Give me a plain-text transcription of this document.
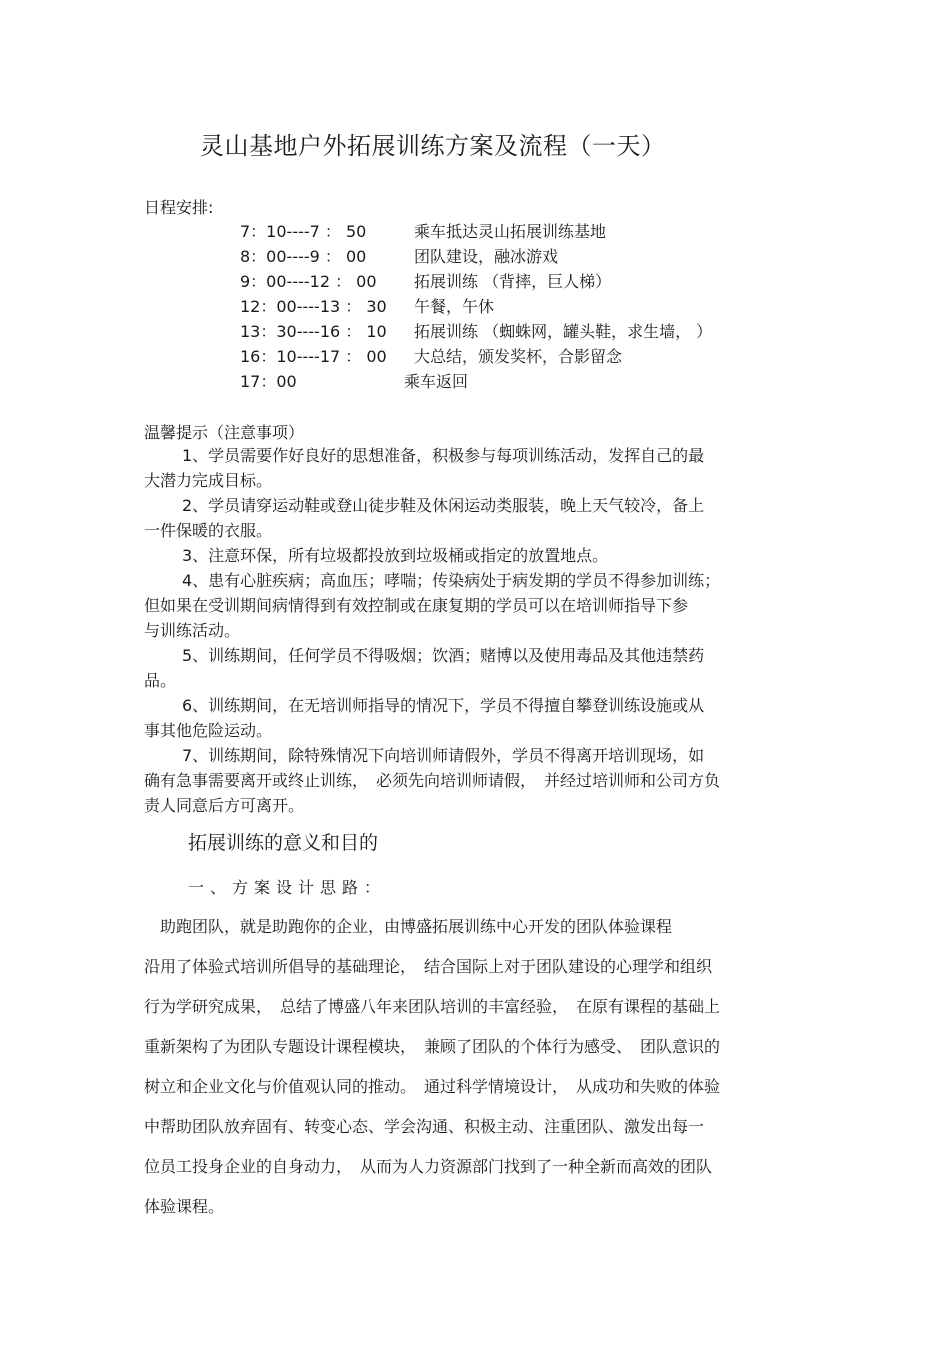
灵山基地户外拓展训练方案及流程（一天）
日程安排:
7：10----7 ： 50	乘车抵达灵山拓展训练基地
8：00----9 ： 00	团队建设，融冰游戏
9：00----12 ： 00 拓展训练 （背摔，巨人梯）
12：00----13 ： 30 午餐，午休
13：30----16 ： 10 拓展训练 （蜘蛛网，罐头鞋，求生墙， ）
16：10----17 ： 00 大总结，颁发奖杯，合影留念
17：00	乘车返回
温馨提示（注意事项）
1、学员需要作好良好的思想准备，积极参与每项训练活动，发挥自己的最
大潜力完成目标。
2、学员请穿运动鞋或登山徒步鞋及休闲运动类服装，晚上天气较冷，备上
一件保暖的衣服。
3、注意环保，所有垃圾都投放到垃圾桶或指定的放置地点。
4、患有心脏疾病；高血压；哮喘；传染病处于病发期的学员不得参加训练；
但如果在受训期间病情得到有效控制或在康复期的学员可以在培训师指导下参
与训练活动。
5、训练期间，任何学员不得吸烟；饮酒；赌博以及使用毒品及其他违禁药
品。
6、训练期间，在无培训师指导的情况下，学员不得擅自攀登训练设施或从
事其他危险运动。
7、训练期间，除特殊情况下向培训师请假外，学员不得离开培训现场，如
确有急事需要离开或终止训练，　必须先向培训师请假，　并经过培训师和公司方负
责人同意后方可离开。
拓展训练的意义和目的
一、方案设计思路：
　助跑团队，就是助跑你的企业，由博盛拓展训练中心开发的团队体验课程
沿用了体验式培训所倡导的基础理论，　结合国际上对于团队建设的心理学和组织
行为学研究成果，　总结了博盛八年来团队培训的丰富经验，　在原有课程的基础上
重新架构了为团队专题设计课程模块，　兼顾了团队的个体行为感受、　团队意识的
树立和企业文化与价值观认同的推动。　通过科学情境设计，　从成功和失败的体验
中帮助团队放弃固有、转变心态、学会沟通、积极主动、注重团队、激发出每一
位员工投身企业的自身动力，　从而为人力资源部门找到了一种全新而高效的团队
体验课程。
